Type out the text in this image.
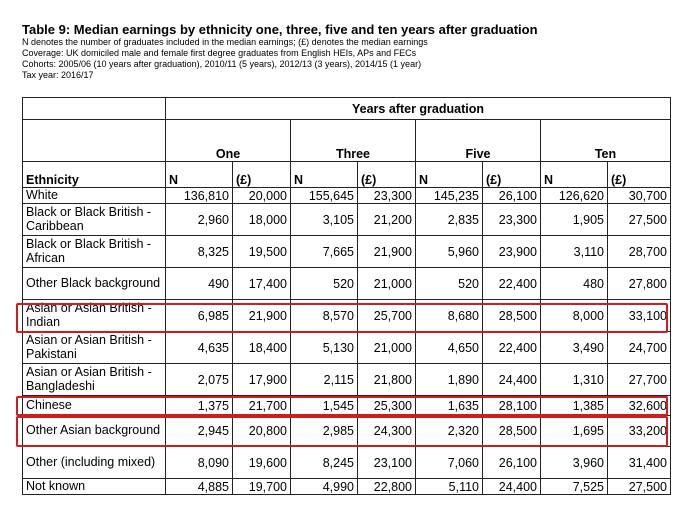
Table 9: Median earnings by ethnicity one, three, five and ten years after graduation
N denotes the number of graduates included in the median earnings; (£) denotes the median earnings
Coverage: UK domiciled male and female first degree graduates from English HEIs, APs and FECs
Cohorts: 2005/06 (10 years after graduation), 2010/11 (5 years), 2012/13 (3 years), 2014/15 (1 year)
Tax year: 2016/17
	Years after graduation							
	One		Three		Five		Ten	
Ethnicity	N	(£)	N	(£)	N	(£)	N	(£)
White	136,810	20,000	155,645	23,300	145,235	26,100	126,620	30,700
Black or Black British - Caribbean	2,960	18,000	3,105	21,200	2,835	23,300	1,905	27,500
Black or Black British - African	8,325	19,500	7,665	21,900	5,960	23,900	3,110	28,700
Other Black background	490	17,400	520	21,000	520	22,400	480	27,800
Asian or Asian British - Indian	6,985	21,900	8,570	25,700	8,680	28,500	8,000	33,100
Asian or Asian British - Pakistani	4,635	18,400	5,130	21,000	4,650	22,400	3,490	24,700
Asian or Asian British - Bangladeshi	2,075	17,900	2,115	21,800	1,890	24,400	1,310	27,700
Chinese	1,375	21,700	1,545	25,300	1,635	28,100	1,385	32,600
Other Asian background	2,945	20,800	2,985	24,300	2,320	28,500	1,695	33,200
Other (including mixed)	8,090	19,600	8,245	23,100	7,060	26,100	3,960	31,400
Not known	4,885	19,700	4,990	22,800	5,110	24,400	7,525	27,500
